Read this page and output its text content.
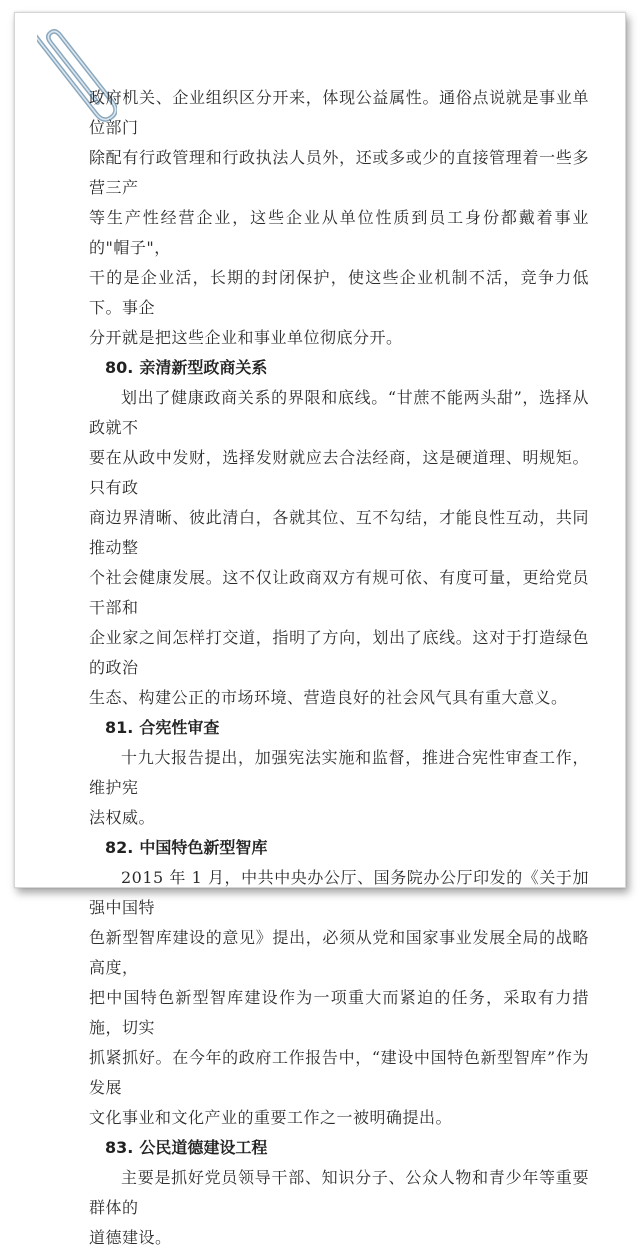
政府机关、企业组织区分开来，体现公益属性。通俗点说就是事业单位部门

除配有行政管理和行政执法人员外，还或多或少的直接管理着一些多营三产

等生产性经营企业，这些企业从单位性质到员工身份都戴着事业的"帽子"，

干的是企业活，长期的封闭保护，使这些企业机制不活，竞争力低下。事企

分开就是把这些企业和事业单位彻底分开。

80. 亲清新型政商关系

划出了健康政商关系的界限和底线。“甘蔗不能两头甜”，选择从政就不

要在从政中发财，选择发财就应去合法经商，这是硬道理、明规矩。只有政

商边界清晰、彼此清白，各就其位、互不勾结，才能良性互动，共同推动整

个社会健康发展。这不仅让政商双方有规可依、有度可量，更给党员干部和

企业家之间怎样打交道，指明了方向，划出了底线。这对于打造绿色的政治

生态、构建公正的市场环境、营造良好的社会风气具有重大意义。

81. 合宪性审查

十九大报告提出，加强宪法实施和监督，推进合宪性审查工作，维护宪

法权威。

82. 中国特色新型智库

2015 年 1 月，中共中央办公厅、国务院办公厅印发的《关于加强中国特

色新型智库建设的意见》提出，必须从党和国家事业发展全局的战略高度，

把中国特色新型智库建设作为一项重大而紧迫的任务，采取有力措施，切实

抓紧抓好。在今年的政府工作报告中，“建设中国特色新型智库”作为发展

文化事业和文化产业的重要工作之一被明确提出。

83. 公民道德建设工程

主要是抓好党员领导干部、知识分子、公众人物和青少年等重要群体的

道德建设。
